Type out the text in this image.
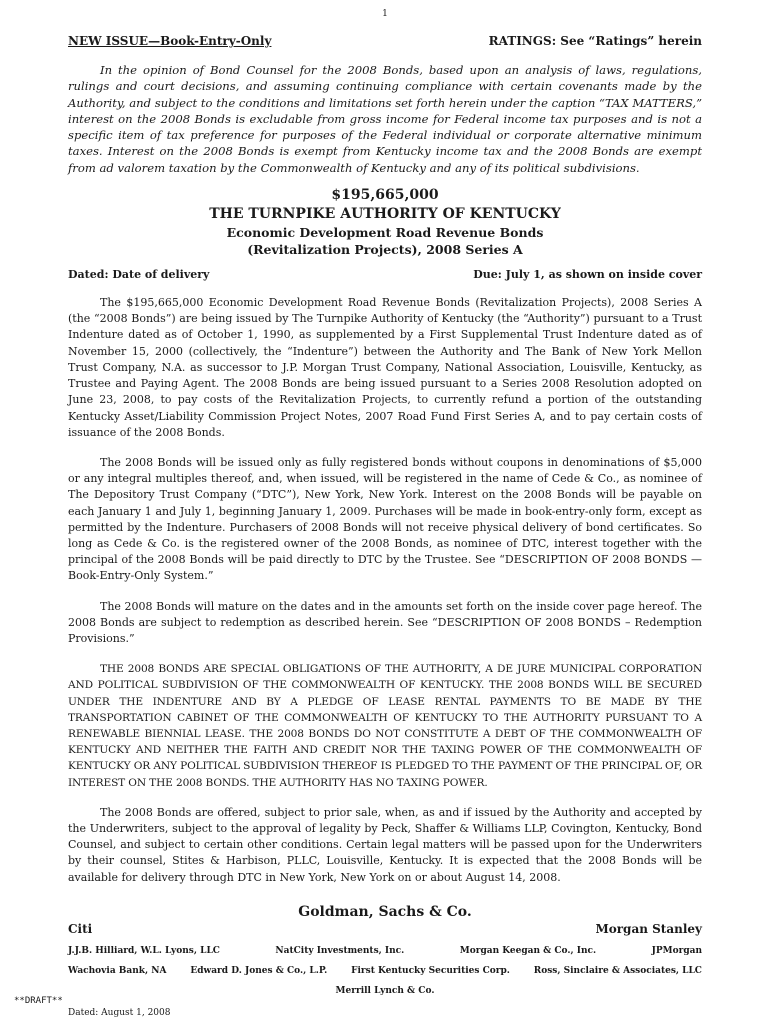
1
NEW ISSUE—Book-Entry-Only	RATINGS: See “Ratings” herein

In the opinion of Bond Counsel for the 2008 Bonds, based upon an analysis of laws, regulations, rulings and court decisions, and assuming continuing compliance with certain covenants made by the Authority, and subject to the conditions and limitations set forth herein under the caption “TAX MATTERS,” interest on the 2008 Bonds is excludable from gross income for Federal income tax purposes and is not a specific item of tax preference for purposes of the Federal individual or corporate alternative minimum taxes. Interest on the 2008 Bonds is exempt from Kentucky income tax and the 2008 Bonds are exempt from ad valorem taxation by the Commonwealth of Kentucky and any of its political subdivisions.

$195,665,000
THE TURNPIKE AUTHORITY OF KENTUCKY
Economic Development Road Revenue Bonds
(Revitalization Projects), 2008 Series A
Dated: Date of delivery	Due: July 1, as shown on inside cover

The $195,665,000 Economic Development Road Revenue Bonds (Revitalization Projects), 2008 Series A (the “2008 Bonds”) are being issued by The Turnpike Authority of Kentucky (the “Authority”) pursuant to a Trust Indenture dated as of October 1, 1990, as supplemented by a First Supplemental Trust Indenture dated as of November 15, 2000 (collectively, the “Indenture”) between the Authority and The Bank of New York Mellon Trust Company, N.A. as successor to J.P. Morgan Trust Company, National Association, Louisville, Kentucky, as Trustee and Paying Agent. The 2008 Bonds are being issued pursuant to a Series 2008 Resolution adopted on June 23, 2008, to pay costs of the Revitalization Projects, to currently refund a portion of the outstanding Kentucky Asset/Liability Commission Project Notes, 2007 Road Fund First Series A, and to pay certain costs of issuance of the 2008 Bonds.

The 2008 Bonds will be issued only as fully registered bonds without coupons in denominations of $5,000 or any integral multiples thereof, and, when issued, will be registered in the name of Cede & Co., as nominee of The Depository Trust Company (“DTC”), New York, New York. Interest on the 2008 Bonds will be payable on each January 1 and July 1, beginning January 1, 2009. Purchases will be made in book-entry-only form, except as permitted by the Indenture. Purchasers of 2008 Bonds will not receive physical delivery of bond certificates. So long as Cede & Co. is the registered owner of the 2008 Bonds, as nominee of DTC, interest together with the principal of the 2008 Bonds will be paid directly to DTC by the Trustee. See “DESCRIPTION OF 2008 BONDS — Book-Entry-Only System.”

The 2008 Bonds will mature on the dates and in the amounts set forth on the inside cover page hereof. The 2008 Bonds are subject to redemption as described herein. See “DESCRIPTION OF 2008 BONDS – Redemption Provisions.”

THE 2008 BONDS ARE SPECIAL OBLIGATIONS OF THE AUTHORITY, A DE JURE MUNICIPAL CORPORATION AND POLITICAL SUBDIVISION OF THE COMMONWEALTH OF KENTUCKY. THE 2008 BONDS WILL BE SECURED UNDER THE INDENTURE AND BY A PLEDGE OF LEASE RENTAL PAYMENTS TO BE MADE BY THE TRANSPORTATION CABINET OF THE COMMONWEALTH OF KENTUCKY TO THE AUTHORITY PURSUANT TO A RENEWABLE BIENNIAL LEASE. THE 2008 BONDS DO NOT CONSTITUTE A DEBT OF THE COMMONWEALTH OF KENTUCKY AND NEITHER THE FAITH AND CREDIT NOR THE TAXING POWER OF THE COMMONWEALTH OF KENTUCKY OR ANY POLITICAL SUBDIVISION THEREOF IS PLEDGED TO THE PAYMENT OF THE PRINCIPAL OF, OR INTEREST ON THE 2008 BONDS. THE AUTHORITY HAS NO TAXING POWER.

The 2008 Bonds are offered, subject to prior sale, when, as and if issued by the Authority and accepted by the Underwriters, subject to the approval of legality by Peck, Shaffer & Williams LLP, Covington, Kentucky, Bond Counsel, and subject to certain other conditions. Certain legal matters will be passed upon for the Underwriters by their counsel, Stites & Harbison, PLLC, Louisville, Kentucky. It is expected that the 2008 Bonds will be available for delivery through DTC in New York, New York on or about August 14, 2008.

Goldman, Sachs & Co.
Citi	Morgan Stanley
J.J.B. Hilliard, W.L. Lyons, LLC	NatCity Investments, Inc.	Morgan Keegan & Co., Inc.	JPMorgan
Wachovia Bank, NA	Edward D. Jones & Co., L.P.	First Kentucky Securities Corp.	Ross, Sinclaire & Associates, LLC
Merrill Lynch & Co.
Dated: August 1, 2008
**DRAFT**
